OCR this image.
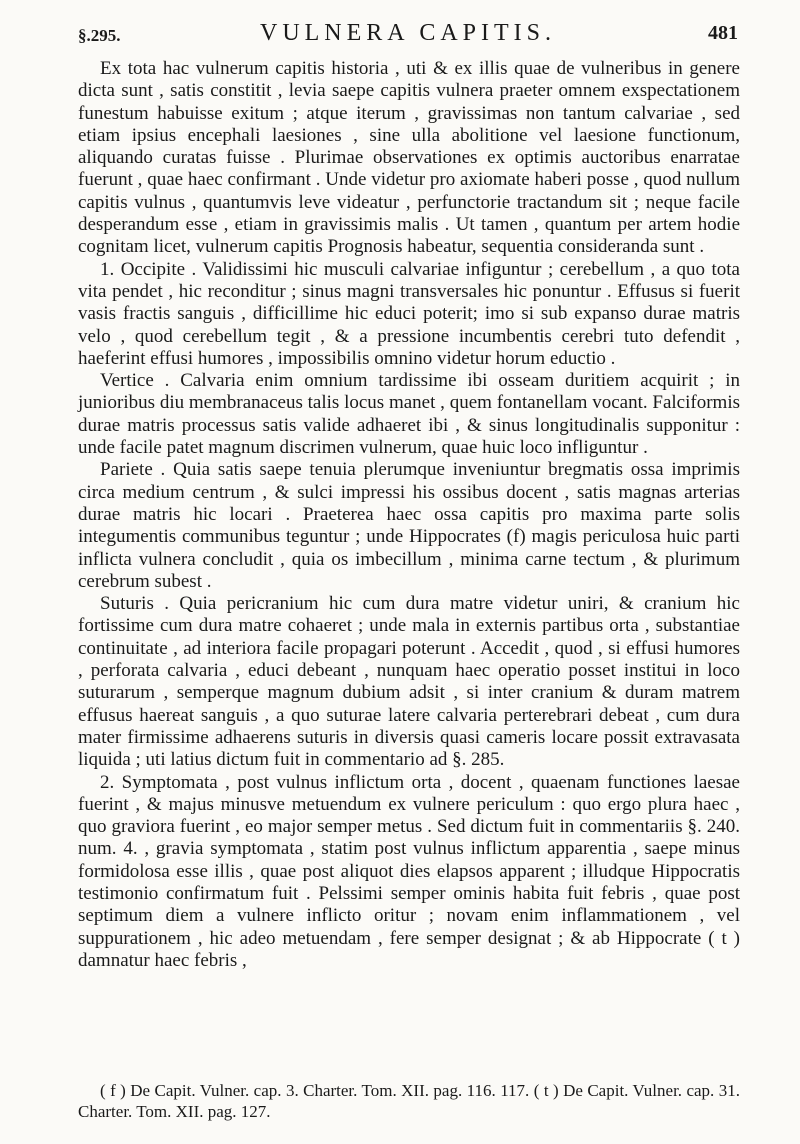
§.295.	VULNERA CAPITIS.	481

Ex tota hac vulnerum capitis historia , uti & ex illis quae de vulneribus in genere dicta sunt , satis constitit , levia saepe capitis vulnera praeter omnem exspectationem funestum habuisse exitum ; atque iterum , gravissimas non tantum calvariae , sed etiam ipsius encephali laesiones , sine ulla abolitione vel laesione functionum, aliquando curatas fuisse . Plurimae observationes ex optimis auctoribus enarratae fuerunt , quae haec confirmant . Unde videtur pro axiomate haberi posse , quod nullum capitis vulnus , quantumvis leve videatur , perfunctorie tractandum sit ; neque facile desperandum esse , etiam in gravissimis malis . Ut tamen , quantum per artem hodie cognitam licet, vulnerum capitis Prognosis habeatur, sequentia consideranda sunt .

1. Occipite . Validissimi hic musculi calvariae infiguntur ; cerebellum , a quo tota vita pendet , hic reconditur ; sinus magni transversales hic ponuntur . Effusus si fuerit vasis fractis sanguis , difficillime hic educi poterit; imo si sub expanso durae matris velo , quod cerebellum tegit , & a pressione incumbentis cerebri tuto defendit , haeferint effusi humores , impossibilis omnino videtur horum eductio .

Vertice . Calvaria enim omnium tardissime ibi osseam duritiem acquirit ; in junioribus diu membranaceus talis locus manet , quem fontanellam vocant. Falciformis durae matris processus satis valide adhaeret ibi , & sinus longitudinalis supponitur : unde facile patet magnum discrimen vulnerum, quae huic loco infliguntur .

Pariete . Quia satis saepe tenuia plerumque inveniuntur bregmatis ossa imprimis circa medium centrum , & sulci impressi his ossibus docent , satis magnas arterias durae matris hic locari . Praeterea haec ossa capitis pro maxima parte solis integumentis communibus teguntur ; unde Hippocrates (f) magis periculosa huic parti inflicta vulnera concludit , quia os imbecillum , minima carne tectum , & plurimum cerebrum subest .

Suturis . Quia pericranium hic cum dura matre videtur uniri, & cranium hic fortissime cum dura matre cohaeret ; unde mala in externis partibus orta , substantiae continuitate , ad interiora facile propagari poterunt . Accedit , quod , si effusi humores , perforata calvaria , educi debeant , nunquam haec operatio posset institui in loco suturarum , semperque magnum dubium adsit , si inter cranium & duram matrem effusus haereat sanguis , a quo suturae latere calvaria perterebrari debeat , cum dura mater firmissime adhaerens suturis in diversis quasi cameris locare possit extravasata liquida ; uti latius dictum fuit in commentario ad §. 285.

2. Symptomata , post vulnus inflictum orta , docent , quaenam functiones laesae fuerint , & majus minusve metuendum ex vulnere periculum : quo ergo plura haec , quo graviora fuerint , eo major semper metus . Sed dictum fuit in commentariis §. 240. num. 4. , gravia symptomata , statim post vulnus inflictum apparentia , saepe minus formidolosa esse illis , quae post aliquot dies elapsos apparent ; illudque Hippocratis testimonio confirmatum fuit . Pelssimi semper ominis habita fuit febris , quae post septimum diem a vulnere inflicto oritur ; novam enim inflammationem , vel suppurationem , hic adeo metuendam , fere semper designat ; & ab Hippocrate ( t ) damnatur haec febris ,

( f ) De Capit. Vulner. cap. 3. Charter. Tom. XII. pag. 116. 117. ( t ) De Capit. Vulner. cap. 31. Charter. Tom. XII. pag. 127.
